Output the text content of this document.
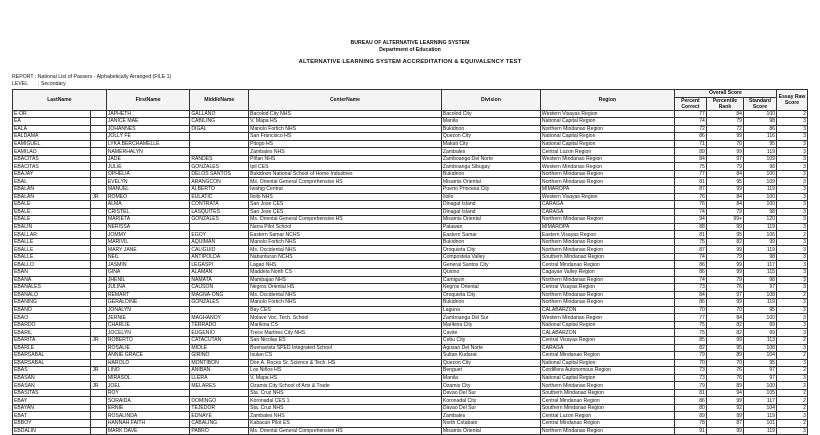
BUREAU OF ALTERNATIVE LEARNING SYSTEM
Department of Education
ALTERNATIVE LEARNING SYSTEM ACCREDITATION & EQUIVALENCY TEST
REPORT : National List of Passers - Alphabetically Arranged (FILE 1)
LEVEL : Secondary
LastName		FirstName	MiddleName	CenterName	Division	Region	Overall Score			Essay Raw Score
							Percent Correct	Percentile Rank	Standard Score	

E-OR		JAPHETH	GALLANO	Bacolod City NHS	Bacolod City	Western Visayas Region	77	84	100	2
EA		JANICE MAE	CABILING	V. Mapa HS	Manila	National Capital Region	74	79	98	3
EALA		JOHANNES	DIGAL	Manolo Fortich NHS	Bukidnon	Northern Mindanao Region	72	72	86	3
EALDAMA		JOLLY FE		San Francisco HS	Quezon City	National Capital Region	86	99	116	3
EAMIGUEL		LYKA BERCHAMELLE		Pitogo HS	Makati City	National Capital Region	71	70	95	3
EAMILAO		NAMERHALYN		Zambales NHS	Zambales	Central Luzon Region	89	99	119	3
EBACITAS		JADE	RANDES	Piñan NHS	Zamboanga Del Norte	Western Mindanao Region	84	97	109	3
EBACITAS		JULIE	GONZALES	Ipil CES	Zamboanga Sibugay	Western Mindanao Region	75	79	98	3
EBAJAY		OPHELIA	DELOS SANTOS	Bukidnon National School of Home Industries	Bukidnon	Northern Mindanao Region	77	84	100	3
EBAL		EVELYN	ARANGCON	Ms. Oriental General Comprehensive HS	Misamis Oriental	Northern Mindanao Region	81	95	109	3
EBALAN		MANUEL	ALBERTO	Iwahig Central	Puerto Princesa City	MIMAROPA	87	99	119	3
EBALAN	JR	ROMEO	EULATIC	Iloilo NHS	Iloilo	Western Visayas Region	76	84	100	3
EBALE		ALMA	CONTRATA	San Jose CES	Dinagat Island	CARAGA	76	84	100	3
EBALE		CRISTEL	LASQUITES	San Jose CES	Dinagat Island	CARAGA	74	79	98	3
EBALE		MARIETA	GONZALES	Ms. Oriental General Comprehensive HS	Misamis Oriental	Northern Mindanao Region	94	99+	120	3
EBALIN		NERISSA		Narra Pilot School	Palawan	MIMAROPA	88	99	119	3
EBALLAR		JOMMY	EGOY	Eastern Samar NCHS	Eastern Samar	Eastern Visayas Region	81	95	106	2
EBALLE		MARIVIL	AQUIMAN	Manolo Fortich NHS	Bukidnon	Northern Mindanao Region	75	82	99	3
EBALLE		MARY JANE	CALIGUID	Ms. Occidental NHS	Oroquieta City	Northern Mindanao Region	87	99	119	3
EBALLE		NEIL	ANTIPOLDA	Nabunturan NCHS	Compostela Valley	Southern Mindanao Region	74	79	98	3
EBALLO		JASMIN	LEGASPI	Lagao NHS	General Santos City	Central Mindanao Region	86	99	117	3
EBAN		GINA	ALAMAN	Maddela North CS	Quirino	Cagayan Valley Region	86	99	115	3
EBANA		JHENIL	NAMATA	Mambajao NHS	Camiguin	Northern Mindanao Region	74	79	98	3
EBANALES		JULINA	CAUSON	Negros Oriental HS	Negros Oriental	Central Visayas Region	73	76	97	3
EBANALO		REMART	MAGNA-ONG	Ms. Occidental NHS	Oroquieta City	Northern Mindanao Region	84	97	108	2
EBANING		GERALDINE	GONZALES	Manolo Fortich NHS	Bukidnon	Northern Mindanao Region	86	99	119	3
EBANO		JONALYN		Bay CES	Laguna	CALABARZON	70	70	95	3
EBAO		JERNIE	MAGHANOY	Molave Voc. Tech. School	Zamboanga Del Sur	Western Mindanao Region	77	84	100	3
EBARDO		CHARLIE	TERRADO	Marikina CS	Marikina City	National Capital Region	75	82	99	3
EBARIL		JOCELYN	EUGENIO	Trece Martires City NHS	Cavite	CALABARZON	75	82	99	3
EBARITA	JR	ROBERTO	CATACUTAN	San Nicolas ES	Cebu City	Central Visayas Region	85	99	113	2
EBARLE		ROSALIE	MIOLE	Buenavista SPED Integrated School	Agusan Del Norte	CARAGA	82	95	108	3
EBARSABAL		ANNIE GRACE	GIRIÑO	Isulan CS	Sultan Kudarat	Central Mindanao Region	79	89	104	2
EBARSABAL		HAROLD	MONTIBON	Don A. Roces Sr. Science & Tech. HS	Quezon City	National Capital Region	70	70	95	3
EBAS	JR	LINO	ANIBAN	Los Niños HS	Benguet	Cordillera Autonomous Region	73	76	97	2
EBASAN		MIRASOL	LLERA	V. Mapa HS	Manila	National Capital Region	73	76	97	3
EBASAN	JR	JOEL	MELARES	Ozamis City School of Arts & Trade	Ozamis City	Northern Mindanao Region	79	89	100	2
EBASITAS		ROY		Sta. Cruz NHS	Davao Del Sur	Southern Mindanao Region	81	94	105	2
EBAY		SORAIDA	DOMINGO	Koronadal CES 1	Koronadal City	Central Mindanao Region	86	99	117	2
EBAYAN		ERNIE	TEJEDOR	Sta. Cruz NHS	Davao Del Sur	Southern Mindanao Region	80	92	104	2
EBAT		ROSALINDA	EDNAYE	Zambales NHS	Zambales	Central Luzon Region	89	99	119	3
EBBOY		HANNAH FAITH	CABALING	Kabacan Pilot ES	North Cotabato	Central Mindanao Region	78	87	101	2
EBDALIN		MARK DAVE	PABRO	Ms. Oriental General Comprehensive HS	Misamis Oriental	Northern Mindanao Region	91	99	119	3
